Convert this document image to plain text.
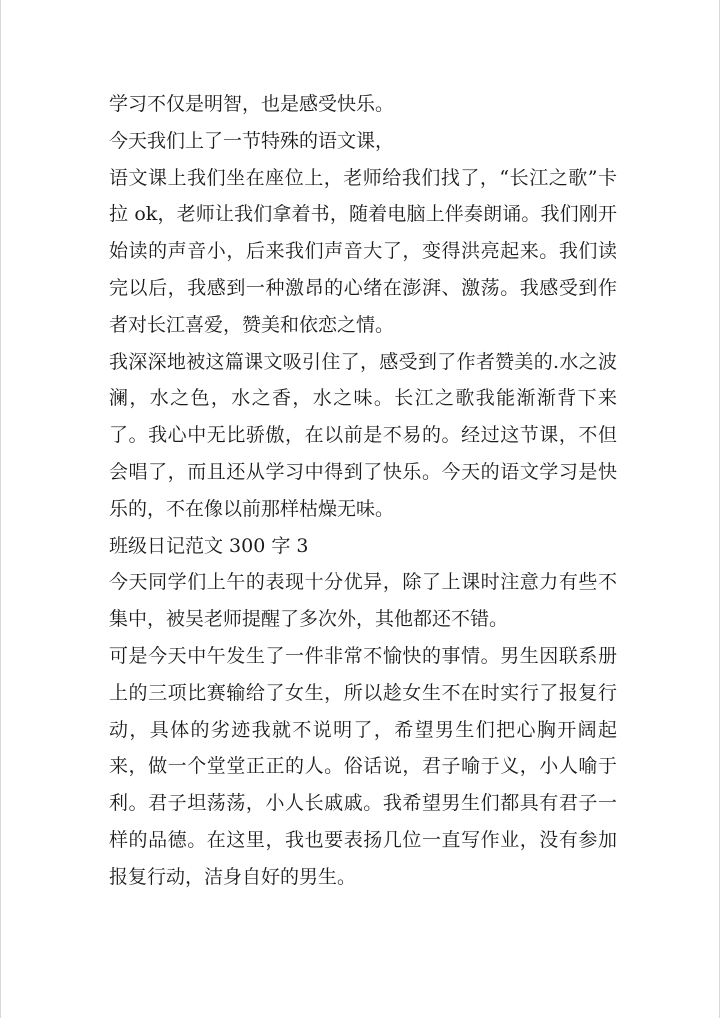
学习不仅是明智，也是感受快乐。

今天我们上了一节特殊的语文课，

语文课上我们坐在座位上，老师给我们找了，“长江之歌”卡拉 ok，老师让我们拿着书，随着电脑上伴奏朗诵。我们刚开始读的声音小，后来我们声音大了，变得洪亮起来。我们读完以后，我感到一种激昂的心绪在澎湃、激荡。我感受到作者对长江喜爱，赞美和依恋之情。

我深深地被这篇课文吸引住了，感受到了作者赞美的.水之波澜，水之色，水之香，水之味。长江之歌我能渐渐背下来了。我心中无比骄傲，在以前是不易的。经过这节课，不但会唱了，而且还从学习中得到了快乐。今天的语文学习是快乐的，不在像以前那样枯燥无味。

班级日记范文 300 字 3

今天同学们上午的表现十分优异，除了上课时注意力有些不集中，被吴老师提醒了多次外，其他都还不错。

可是今天中午发生了一件非常不愉快的事情。男生因联系册上的三项比赛输给了女生，所以趁女生不在时实行了报复行动，具体的劣迹我就不说明了，希望男生们把心胸开阔起来，做一个堂堂正正的人。俗话说，君子喻于义，小人喻于利。君子坦荡荡，小人长戚戚。我希望男生们都具有君子一样的品德。在这里，我也要表扬几位一直写作业，没有参加报复行动，洁身自好的男生。
